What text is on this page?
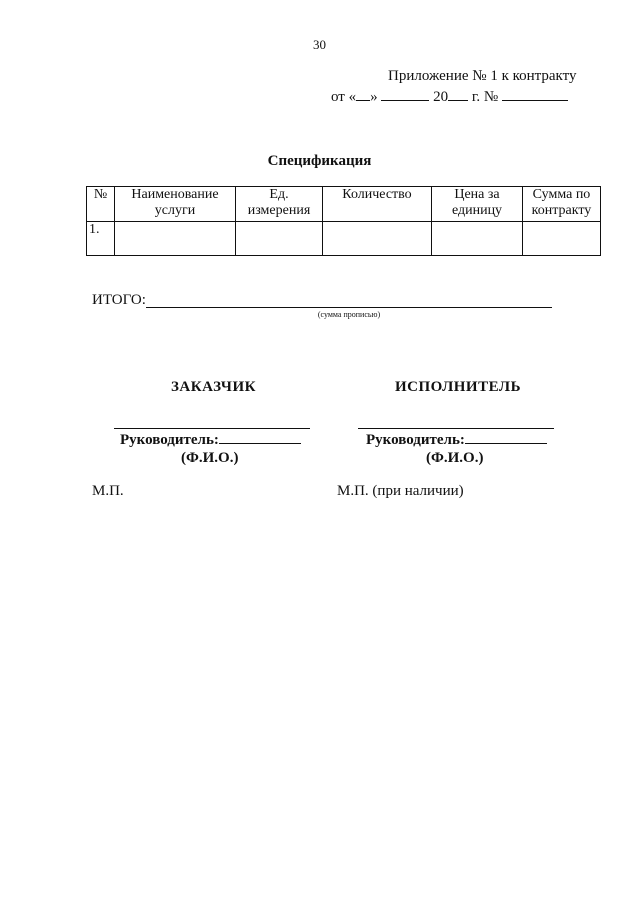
30
Приложение № 1 к контракту
от « »	20 г. №
Спецификация
№	Наименование услуги	Ед. измерения	Количество	Цена за единицу	Сумма по контракту
1.					
ИТОГО:
(сумма прописью)
ЗАКАЗЧИК	ИСПОЛНИТЕЛЬ
Руководитель:	Руководитель:
(Ф.И.О.)	(Ф.И.О.)
М.П.	М.П. (при наличии)
